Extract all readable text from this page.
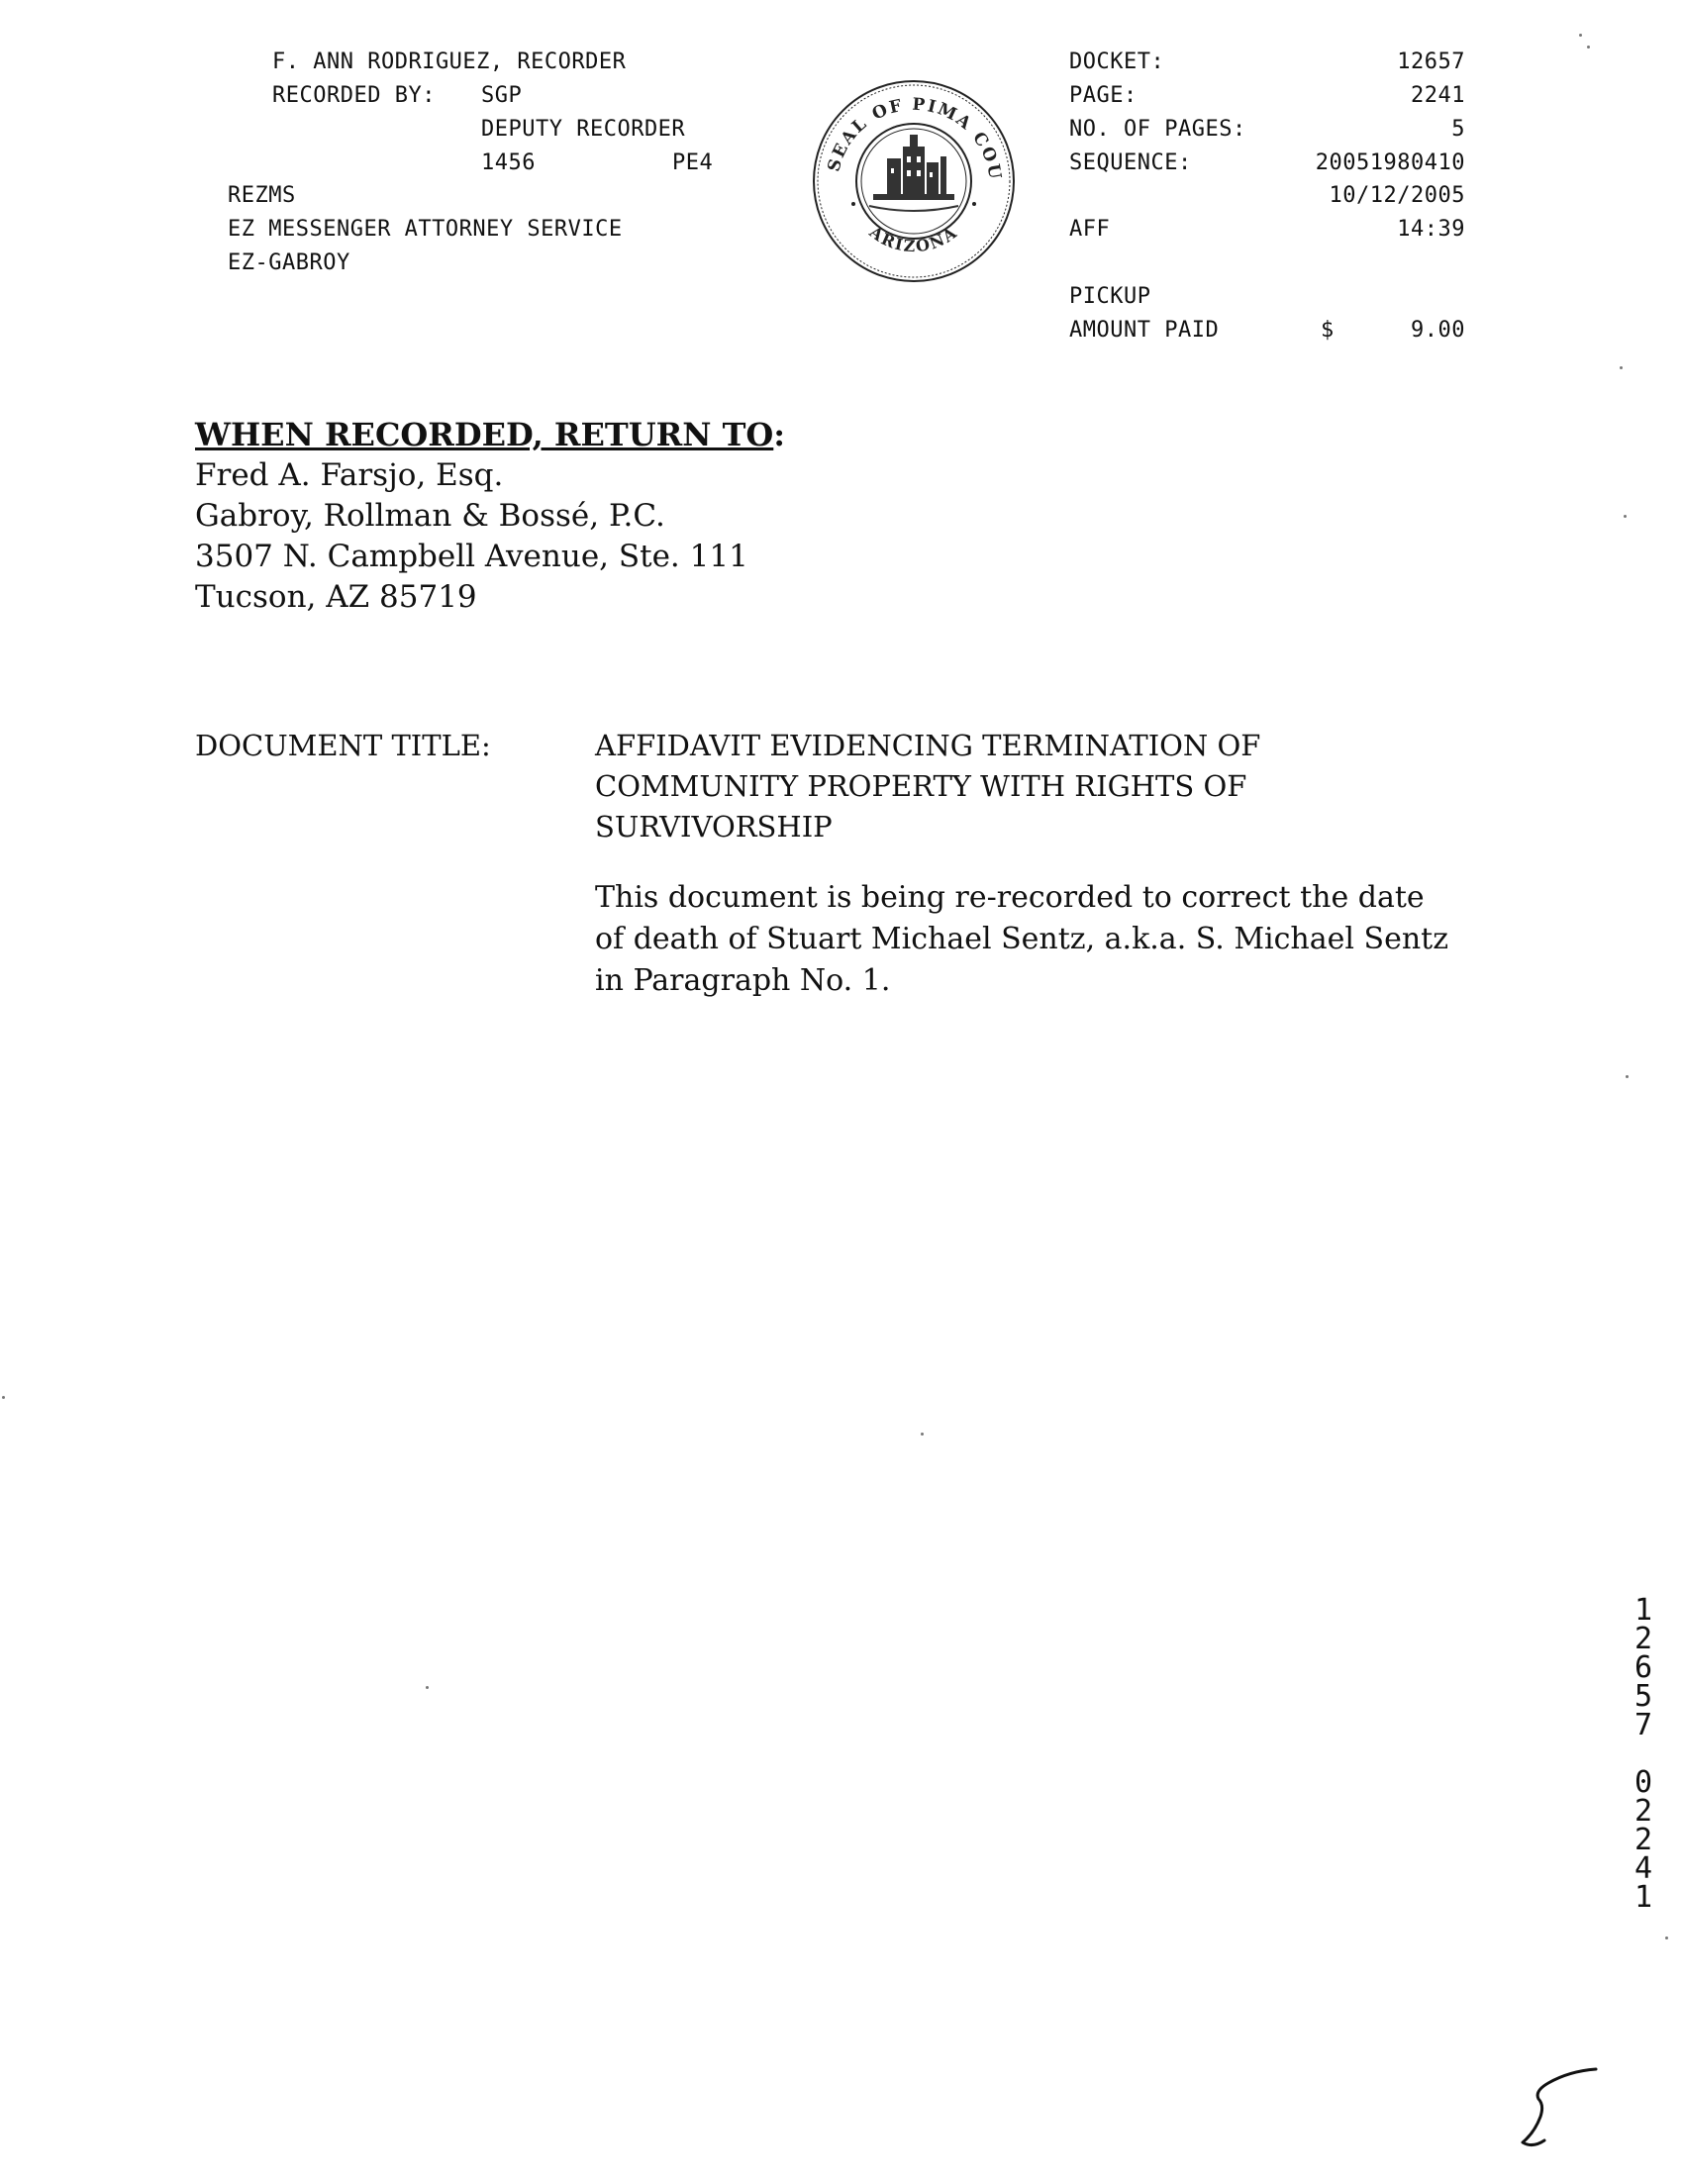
F. ANN RODRIGUEZ, RECORDER
RECORDED BY: SGP
DEPUTY RECORDER
1456	PE4
REZMS
EZ MESSENGER ATTORNEY SERVICE
EZ-GABROY
SEAL OF PIMA COU
ARIZONA
DOCKET:	12657
PAGE:	2241
NO. OF PAGES:	5
SEQUENCE:	20051980410
10/12/2005
AFF	14:39
PICKUP
AMOUNT PAID	$	9.00
WHEN RECORDED, RETURN TO:
Fred A. Farsjo, Esq.
Gabroy, Rollman & Bossé, P.C.
3507 N. Campbell Avenue, Ste. 111
Tucson, AZ 85719
DOCUMENT TITLE:	AFFIDAVIT EVIDENCING TERMINATION OF
COMMUNITY PROPERTY WITH RIGHTS OF
SURVIVORSHIP
This document is being re-recorded to correct the date
of death of Stuart Michael Sentz, a.k.a. S. Michael Sentz
in Paragraph No. 1.
1
2
6
5
7
0
2
2
4
1
